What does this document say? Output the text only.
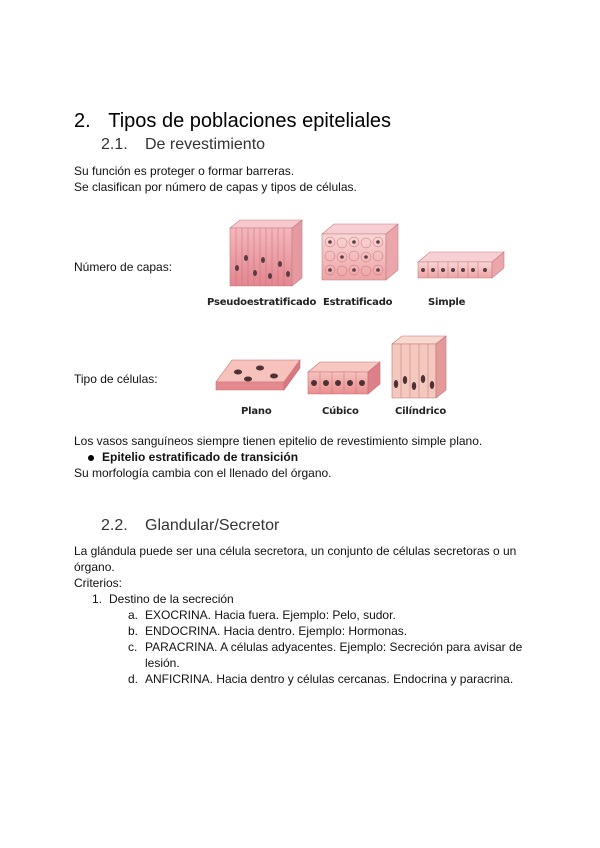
2. Tipos de poblaciones epiteliales
2.1. De revestimiento
Su función es proteger o formar barreras.
Se clasifican por número de capas y tipos de células.
Número de capas:
Pseudoestratificado Estratificado	Simple
Tipo de células:
Plano	Cúbico	Cilíndrico
Los vasos sanguíneos siempre tienen epitelio de revestimiento simple plano.
Epitelio estratificado de transición
Su morfología cambia con el llenado del órgano.
2.2. Glandular/Secretor
La glándula puede ser una célula secretora, un conjunto de células secretoras o un
órgano.
Criterios:
1. Destino de la secreción
a. EXOCRINA. Hacia fuera. Ejemplo: Pelo, sudor.
b. ENDOCRINA. Hacia dentro. Ejemplo: Hormonas.
c. PARACRINA. A células adyacentes. Ejemplo: Secreción para avisar de
lesión.
d. ANFICRINA. Hacia dentro y células cercanas. Endocrina y paracrina.
